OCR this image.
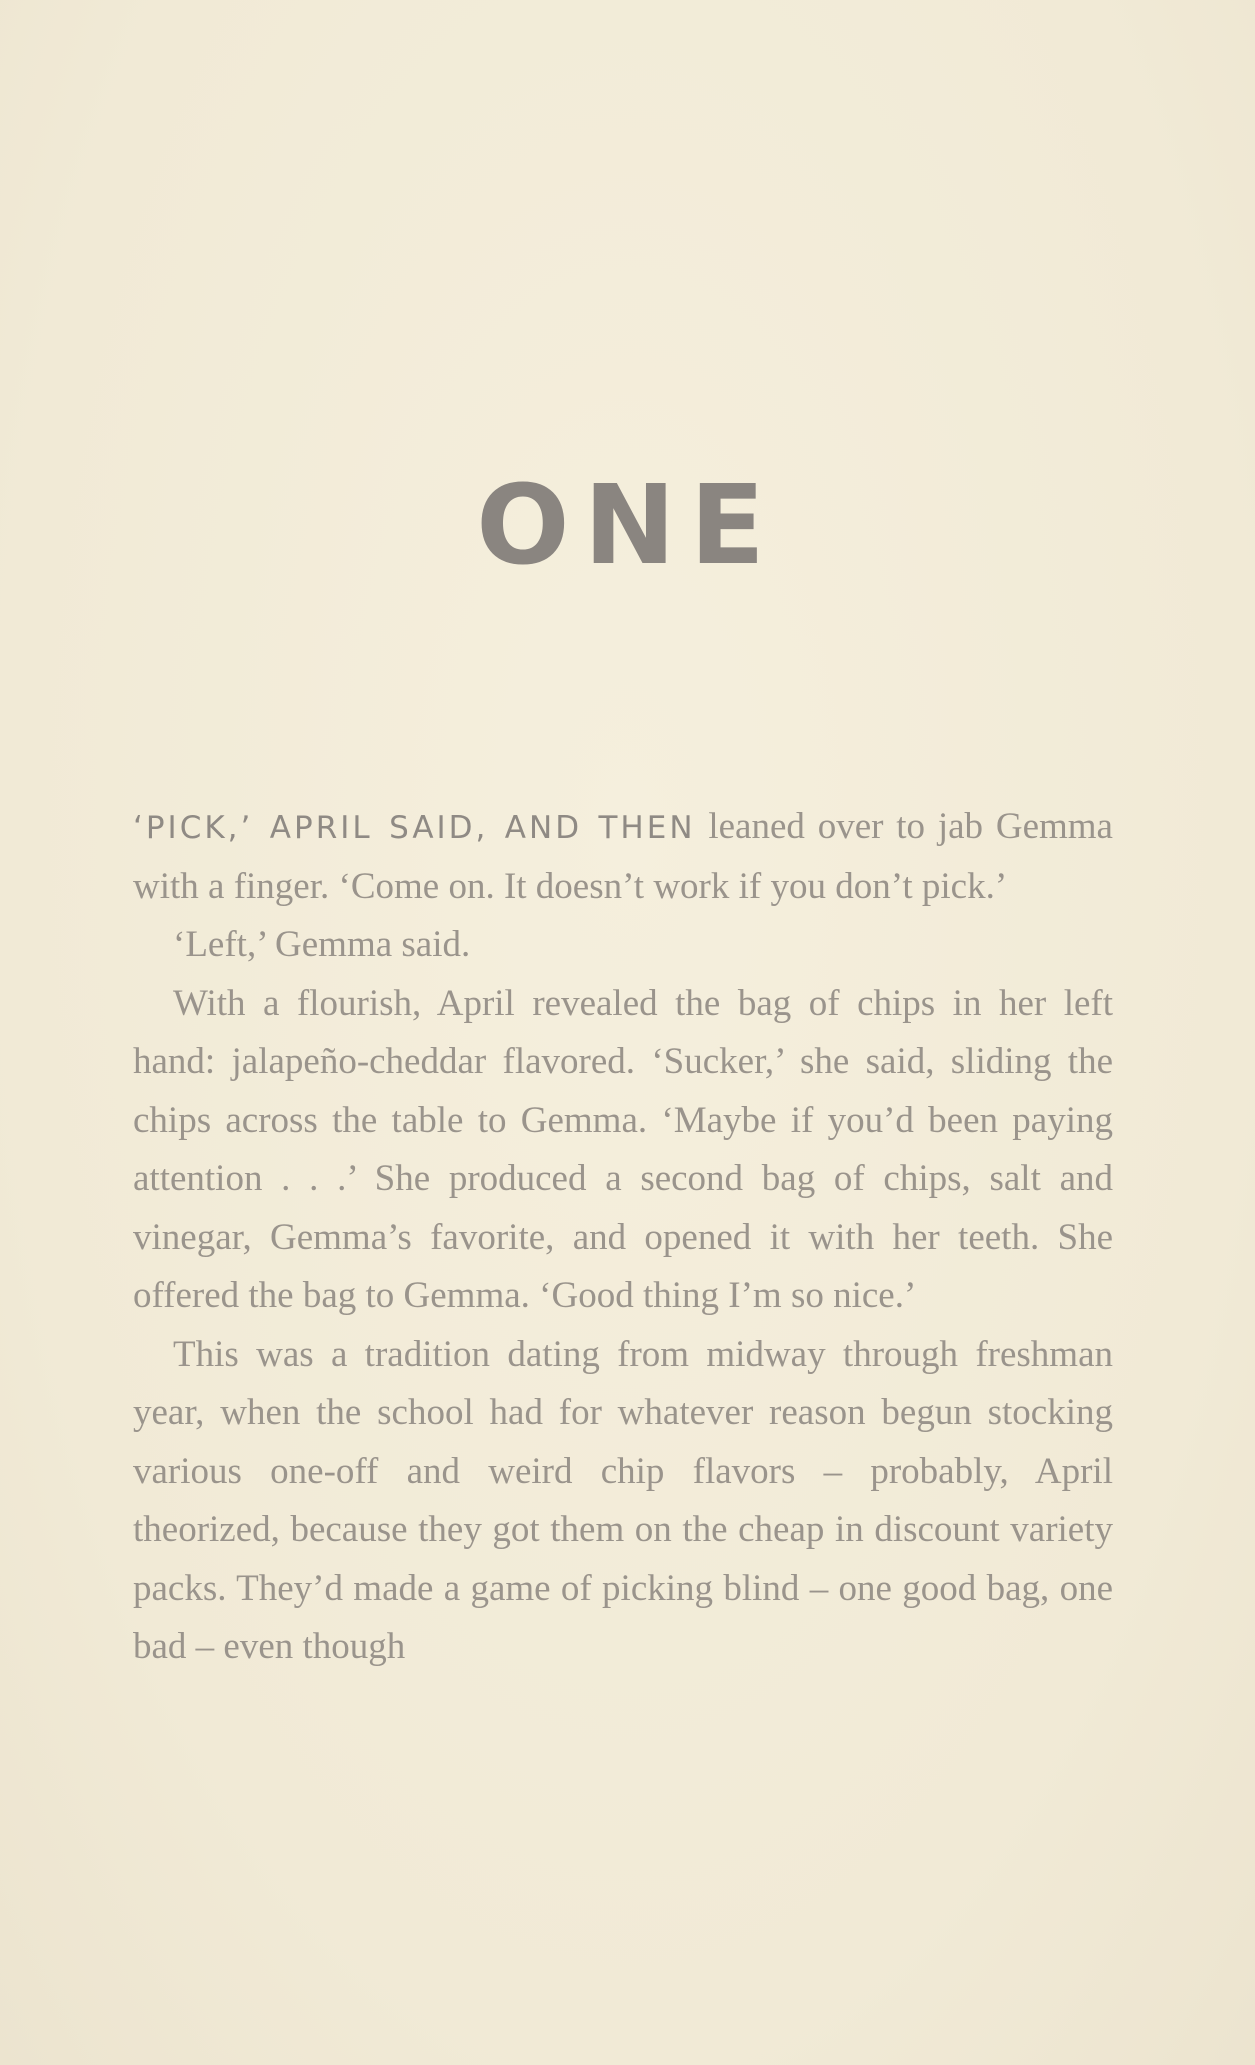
ONE

‘PICK,’ APRIL SAID, AND THEN leaned over to jab Gemma with a finger. ‘Come on. It doesn’t work if you don’t pick.’

‘Left,’ Gemma said.

With a flourish, April revealed the bag of chips in her left hand: jalapeño-cheddar flavored. ‘Sucker,’ she said, sliding the chips across the table to Gemma. ‘Maybe if you’d been paying attention . . .’ She produced a second bag of chips, salt and vinegar, Gemma’s favorite, and opened it with her teeth. She offered the bag to Gemma. ‘Good thing I’m so nice.’

This was a tradition dating from midway through freshman year, when the school had for whatever reason begun stocking various one-off and weird chip flavors – probably, April theorized, because they got them on the cheap in discount variety packs. They’d made a game of picking blind – one good bag, one bad – even though
